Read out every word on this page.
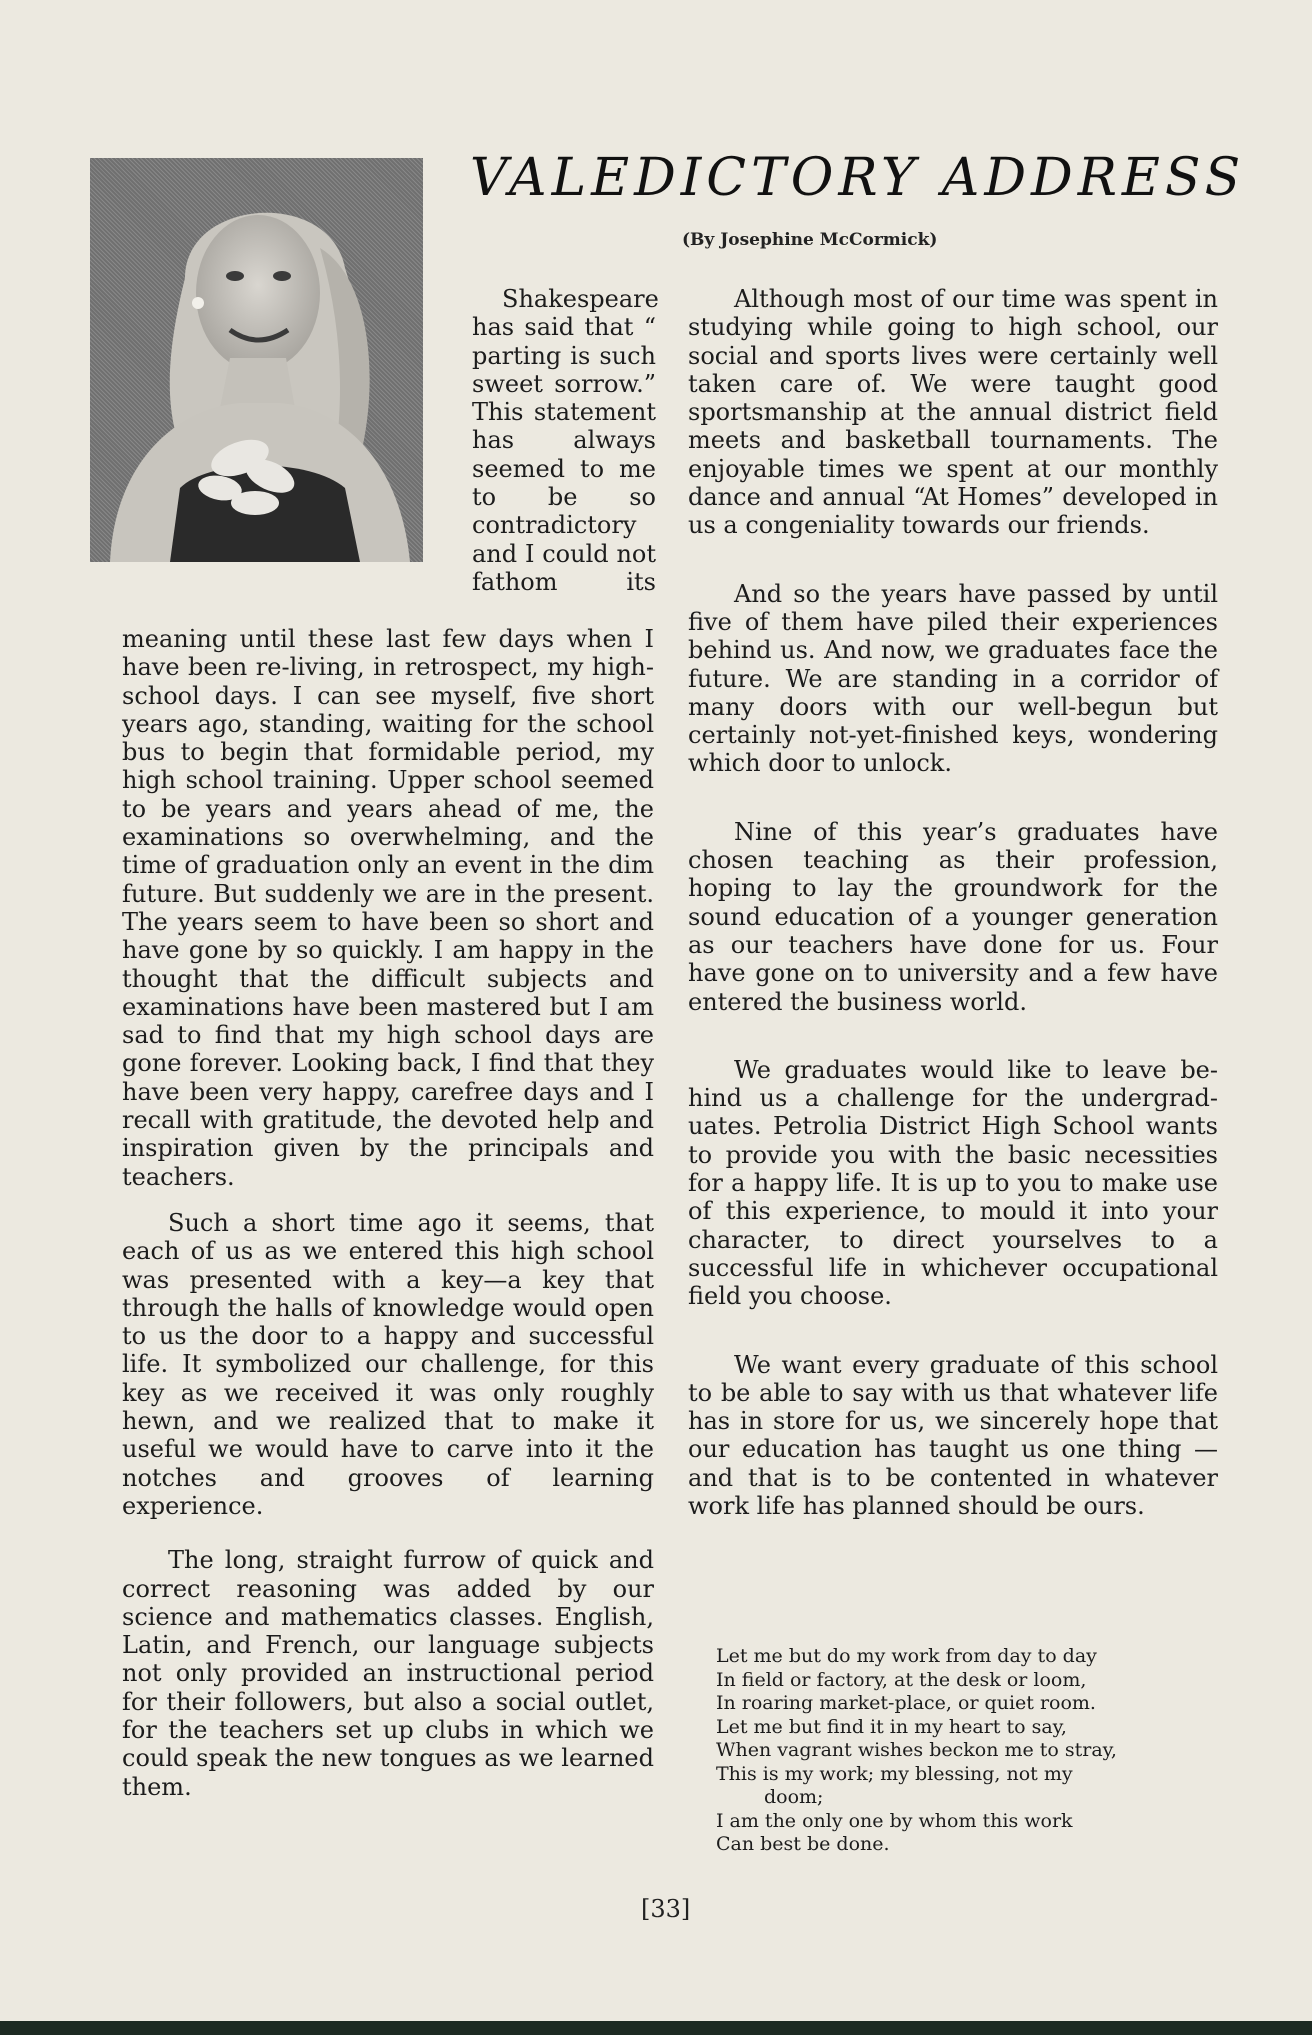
VALEDICTORY ADDRESS
(By Josephine McCormick)

Shakespeare has said that “ parting is such sweet sorrow.” This statement has always seemed to me to be so contradictory and I could not fathom its

meaning until these last few days when I have been re-living, in retrospect, my high-school days. I can see myself, five short years ago, standing, waiting for the school bus to begin that formidable period, my high school training. Upper school seemed to be years and years ahead of me, the examinations so overwhelming, and the time of graduation only an event in the dim future. But suddenly we are in the present. The years seem to have been so short and have gone by so quickly. I am happy in the thought that the difficult subjects and examinations have been mastered but I am sad to find that my high school days are gone forever. Looking back, I find that they have been very happy, carefree days and I recall with gratitude, the devoted help and inspiration given by the principals and teachers.

Such a short time ago it seems, that each of us as we entered this high school was presented with a key—a key that through the halls of knowledge would open to us the door to a happy and successful life. It symbolized our challenge, for this key as we received it was only roughly hewn, and we realized that to make it useful we would have to carve into it the notches and grooves of learning experience.

The long, straight furrow of quick and correct reasoning was added by our science and mathematics classes. English, Latin, and French, our language subjects not only provided an instructional period for their followers, but also a social outlet, for the teachers set up clubs in which we could speak the new tongues as we learned them.

Although most of our time was spent in studying while going to high school, our social and sports lives were certainly well taken care of. We were taught good sportsmanship at the annual district field meets and basketball tournaments. The enjoyable times we spent at our monthly dance and annual “At Homes” developed in us a congeniality towards our friends.

And so the years have passed by until five of them have piled their experiences behind us. And now, we graduates face the future. We are standing in a corridor of many doors with our well-begun but certainly not-yet-finished keys, wondering which door to unlock.

Nine of this year’s graduates have chosen teaching as their profession, hoping to lay the groundwork for the sound education of a younger generation as our teachers have done for us. Four have gone on to university and a few have entered the business world.

We graduates would like to leave behind us a challenge for the undergraduates. Petrolia District High School wants to provide you with the basic necessities for a happy life. It is up to you to make use of this experience, to mould it into your character, to direct yourselves to a successful life in whichever occupational field you choose.

We want every graduate of this school to be able to say with us that whatever life has in store for us, we sincerely hope that our education has taught us one thing — and that is to be contented in whatever work life has planned should be ours.

Let me but do my work from day to day
In field or factory, at the desk or loom,
In roaring market-place, or quiet room.
Let me but find it in my heart to say,
When vagrant wishes beckon me to stray,
This is my work; my blessing, not my
doom;
I am the only one by whom this work
Can best be done.
[33]
